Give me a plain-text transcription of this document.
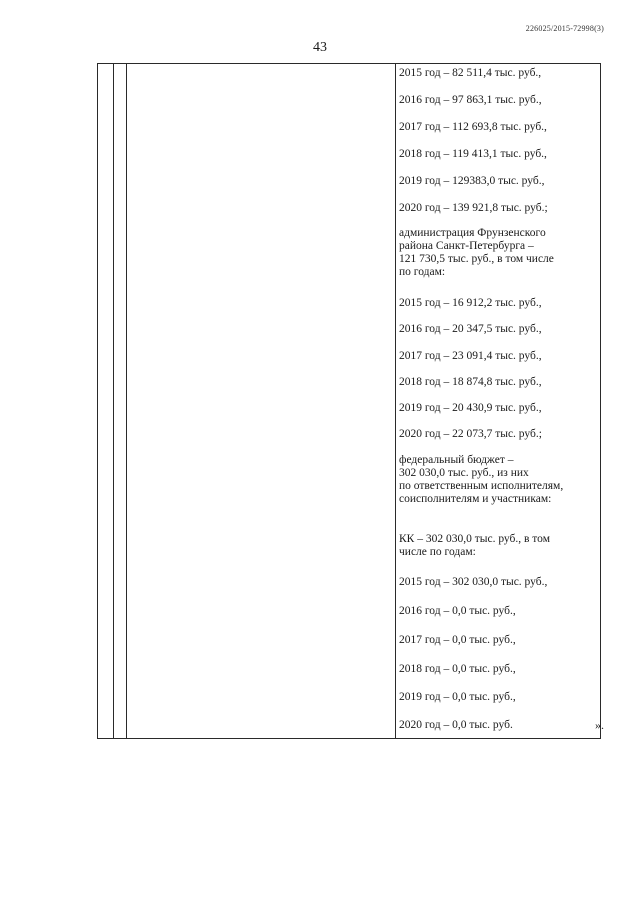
226025/2015-72998(3)
43
2015 год – 82 511,4 тыс. руб.,
2016 год – 97 863,1 тыс. руб.,
2017 год – 112 693,8 тыс. руб.,
2018 год – 119 413,1 тыс. руб.,
2019 год – 129383,0 тыс. руб.,
2020 год – 139 921,8 тыс. руб.;
администрация Фрунзенского
района Санкт-Петербурга –
121 730,5 тыс. руб., в том числе
по годам:
2015 год – 16 912,2 тыс. руб.,
2016 год – 20 347,5 тыс. руб.,
2017 год – 23 091,4 тыс. руб.,
2018 год – 18 874,8 тыс. руб.,
2019 год – 20 430,9 тыс. руб.,
2020 год – 22 073,7 тыс. руб.;
федеральный бюджет –
302 030,0 тыс. руб., из них
по ответственным исполнителям,
соисполнителям и участникам:
КК – 302 030,0 тыс. руб., в том
числе по годам:
2015 год – 302 030,0 тыс. руб.,
2016 год – 0,0 тыс. руб.,
2017 год – 0,0 тыс. руб.,
2018 год – 0,0 тыс. руб.,
2019 год – 0,0 тыс. руб.,
2020 год – 0,0 тыс. руб.	».
